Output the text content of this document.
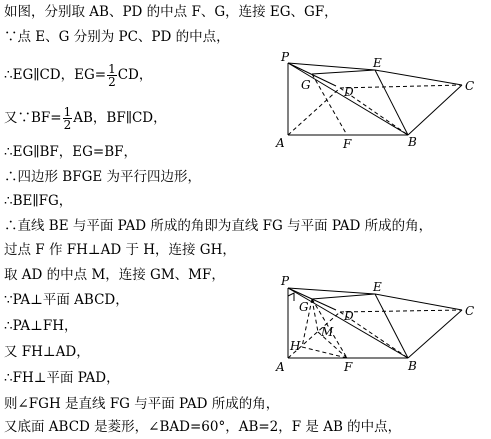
如图，分别取 AB、PD 的中点 F、G，连接 EG、GF，
∵点 E、G 分别为 PC、PD 的中点，
∴EG∥CD，$EG= \frac{1}{2}$ CD，
又∵BF= $\frac{1}{2}$ AB，BF∥CD，
∴EG∥BF，EG=BF，
∴四边形 BFGE 为平行四边形，
∴BE∥FG，
∴直线 BE 与平面 PAD 所成的角即为直线 FG 与平面 PAD 所成的角，
过点 F 作 FH⊥AD 于 H，连接 GH，
取 AD 的中点 M，连接 GM、MF，
∵PA⊥平面 ABCD，
∴PA⊥FH，
又 FH⊥AD，
∴FH⊥平面 PAD，
则∠FGH 是直线 FG 与平面 PAD 所成的角，
又底面 ABCD 是菱形，∠BAD=60°，AB=2，F 是 AB 的中点，
P	E
C
G	D
A	F	B
P	E
C
G
D
M
H
A	F	B
